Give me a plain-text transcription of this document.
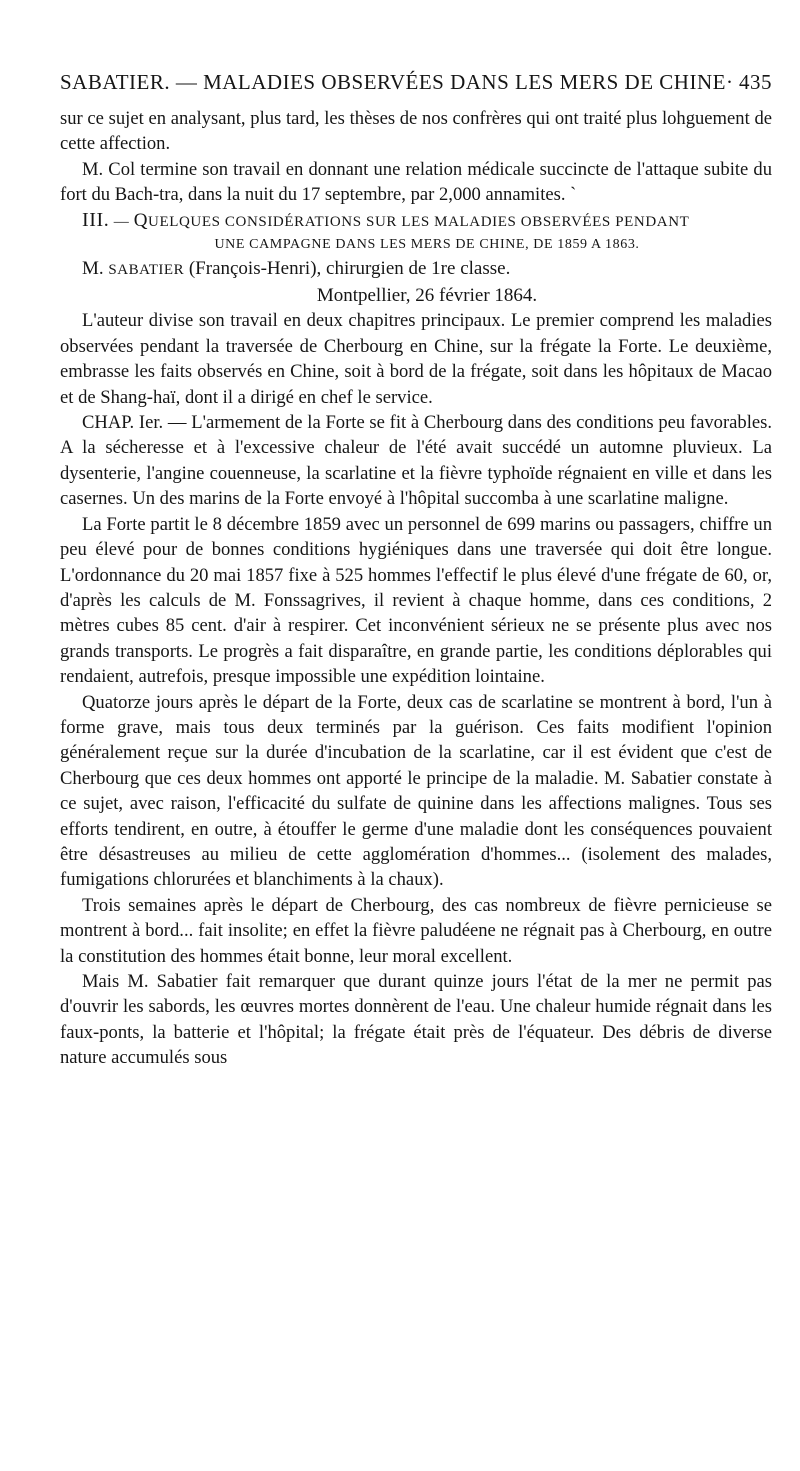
SABATIER. — MALADIES OBSERVÉES DANS LES MERS DE CHINE· 435

sur ce sujet en analysant, plus tard, les thèses de nos confrères qui ont traité plus lohguement de cette affection.

M. Col termine son travail en donnant une relation médicale succincte de l'attaque subite du fort du Bach-tra, dans la nuit du 17 septembre, par 2,000 annamites. ˋ

III. — QUELQUES CONSIDÉRATIONS SUR LES MALADIES OBSERVÉES PENDANT

UNE CAMPAGNE DANS LES MERS DE CHINE, DE 1859 A 1863.

M. SABATIER (François-Henri), chirurgien de 1re classe.

Montpellier, 26 février 1864.

L'auteur divise son travail en deux chapitres principaux. Le premier comprend les maladies observées pendant la traversée de Cherbourg en Chine, sur la frégate la Forte. Le deuxième, embrasse les faits observés en Chine, soit à bord de la frégate, soit dans les hôpitaux de Macao et de Shang-haï, dont il a dirigé en chef le service.

CHAP. Ier. — L'armement de la Forte se fit à Cherbourg dans des conditions peu favorables. A la sécheresse et à l'excessive chaleur de l'été avait succédé un automne pluvieux. La dysenterie, l'angine couenneuse, la scarlatine et la fièvre typhoïde régnaient en ville et dans les casernes. Un des marins de la Forte envoyé à l'hôpital succomba à une scarlatine maligne.

La Forte partit le 8 décembre 1859 avec un personnel de 699 marins ou passagers, chiffre un peu élevé pour de bonnes conditions hygiéniques dans une traversée qui doit être longue. L'ordonnance du 20 mai 1857 fixe à 525 hommes l'effectif le plus élevé d'une frégate de 60, or, d'après les calculs de M. Fonssagrives, il revient à chaque homme, dans ces conditions, 2 mètres cubes 85 cent. d'air à respirer. Cet inconvénient sérieux ne se présente plus avec nos grands transports. Le progrès a fait disparaître, en grande partie, les conditions déplorables qui rendaient, autrefois, presque impossible une expédition lointaine.

Quatorze jours après le départ de la Forte, deux cas de scarlatine se montrent à bord, l'un à forme grave, mais tous deux terminés par la guérison. Ces faits modifient l'opinion généralement reçue sur la durée d'incubation de la scarlatine, car il est évident que c'est de Cherbourg que ces deux hommes ont apporté le principe de la maladie. M. Sabatier constate à ce sujet, avec raison, l'efficacité du sulfate de quinine dans les affections malignes. Tous ses efforts tendirent, en outre, à étouffer le germe d'une maladie dont les conséquences pouvaient être désastreuses au milieu de cette agglomération d'hommes... (isolement des malades, fumigations chlorurées et blanchiments à la chaux).

Trois semaines après le départ de Cherbourg, des cas nombreux de fièvre pernicieuse se montrent à bord... fait insolite; en effet la fièvre paludéene ne régnait pas à Cherbourg, en outre la constitution des hommes était bonne, leur moral excellent.

Mais M. Sabatier fait remarquer que durant quinze jours l'état de la mer ne permit pas d'ouvrir les sabords, les œuvres mortes donnèrent de l'eau. Une chaleur humide régnait dans les faux-ponts, la batterie et l'hôpital; la frégate était près de l'équateur. Des débris de diverse nature accumulés sous
